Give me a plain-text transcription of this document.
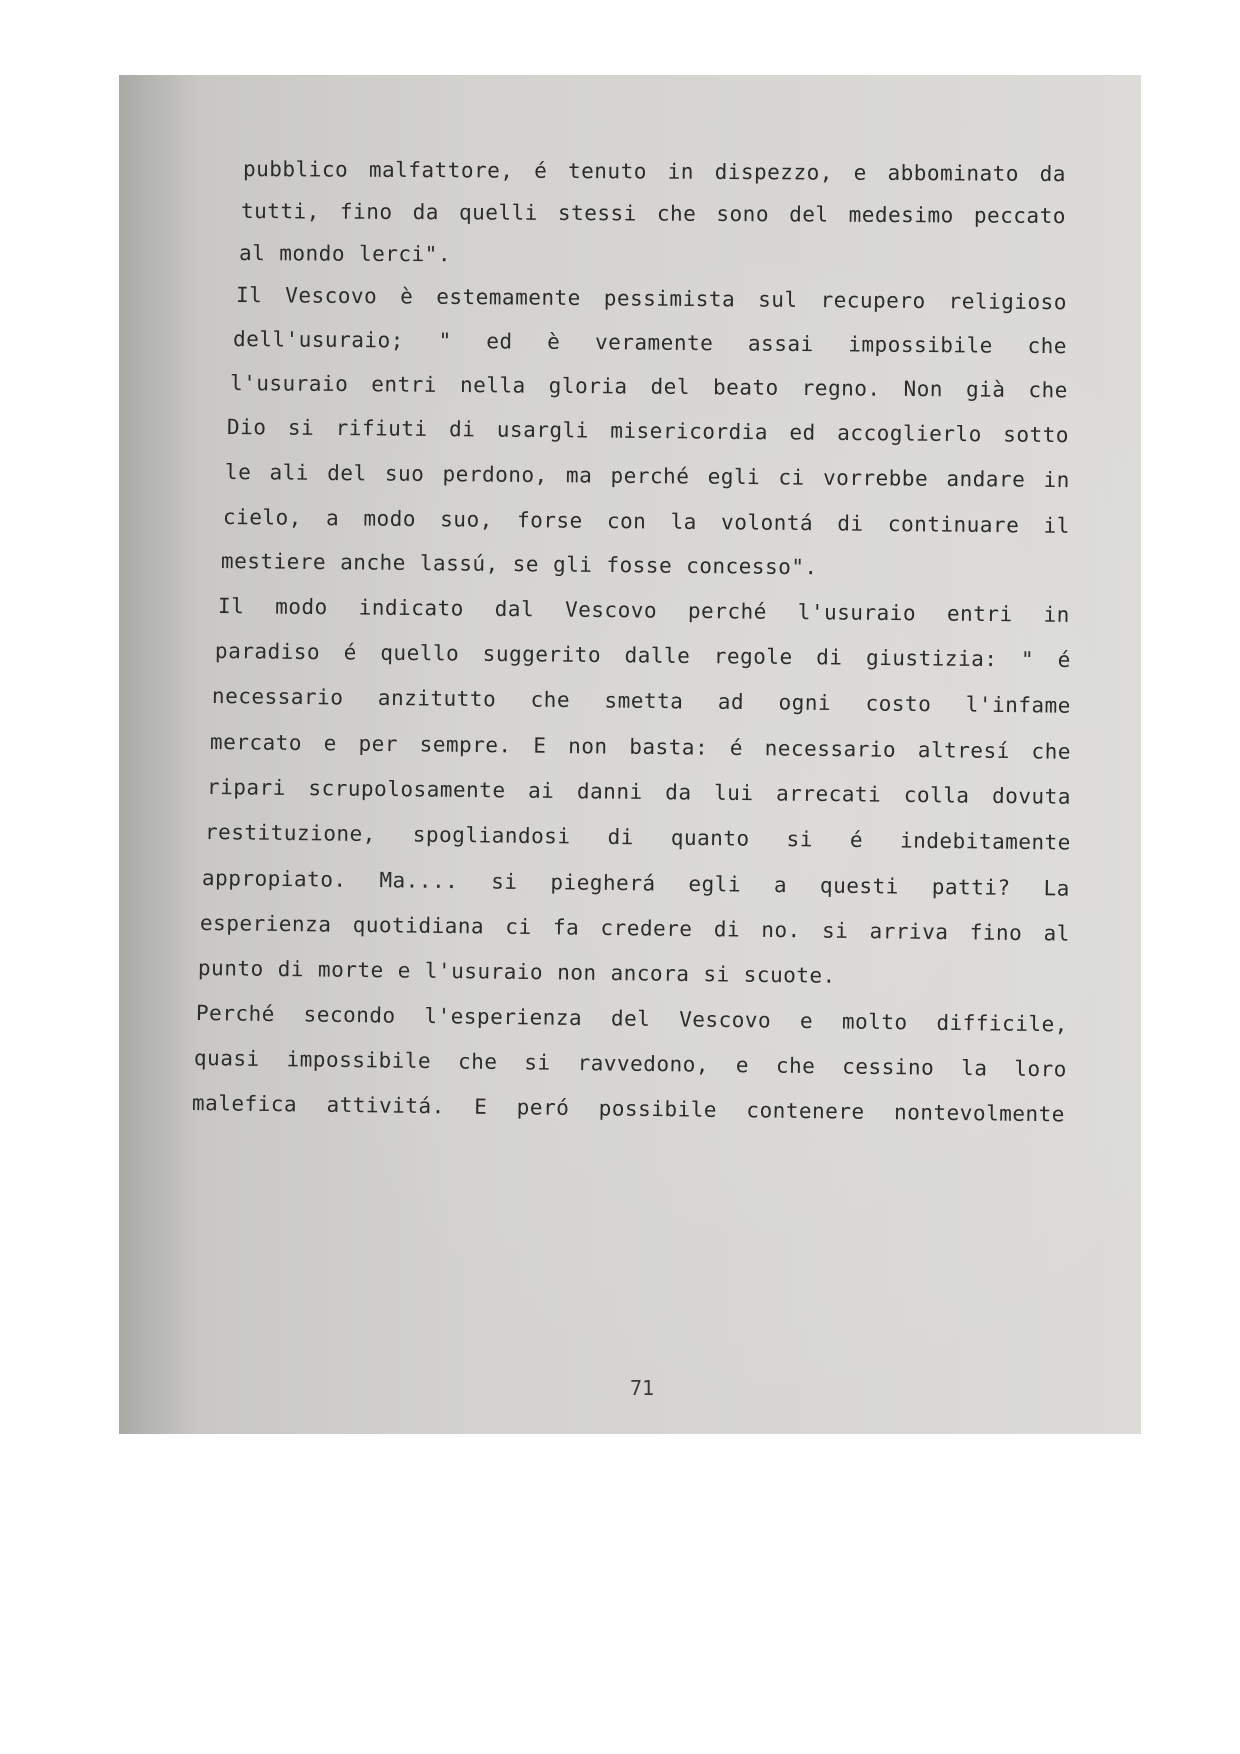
pubblico malfattore, é tenuto in dispezzo, e abbominato da
tutti, fino da quelli stessi che sono del medesimo peccato
al mondo lerci".
Il Vescovo è estemamente pessimista sul recupero religioso
dell'usuraio; " ed è veramente assai impossibile che
l'usuraio entri nella gloria del beato regno. Non già che
Dio si rifiuti di usargli misericordia ed accoglierlo sotto
le ali del suo perdono, ma perché egli ci vorrebbe andare in
cielo, a modo suo, forse con la volontá di continuare il
mestiere anche lassú, se gli fosse concesso".
Il modo indicato dal Vescovo perché l'usuraio entri in
paradiso é quello suggerito dalle regole di giustizia: " é
necessario anzitutto che smetta ad ogni costo l'infame
mercato e per sempre. E non basta: é necessario altresí che
ripari scrupolosamente ai danni da lui arrecati colla dovuta
restituzione, spogliandosi di quanto si é indebitamente
appropiato. Ma.... si piegherá egli a questi patti? La
esperienza quotidiana ci fa credere di no. si arriva fino al
punto di morte e l'usuraio non ancora si scuote.
Perché secondo l'esperienza del Vescovo e molto difficile,
quasi impossibile che si ravvedono, e che cessino la loro
malefica attivitá. E peró possibile contenere nontevolmente
71
